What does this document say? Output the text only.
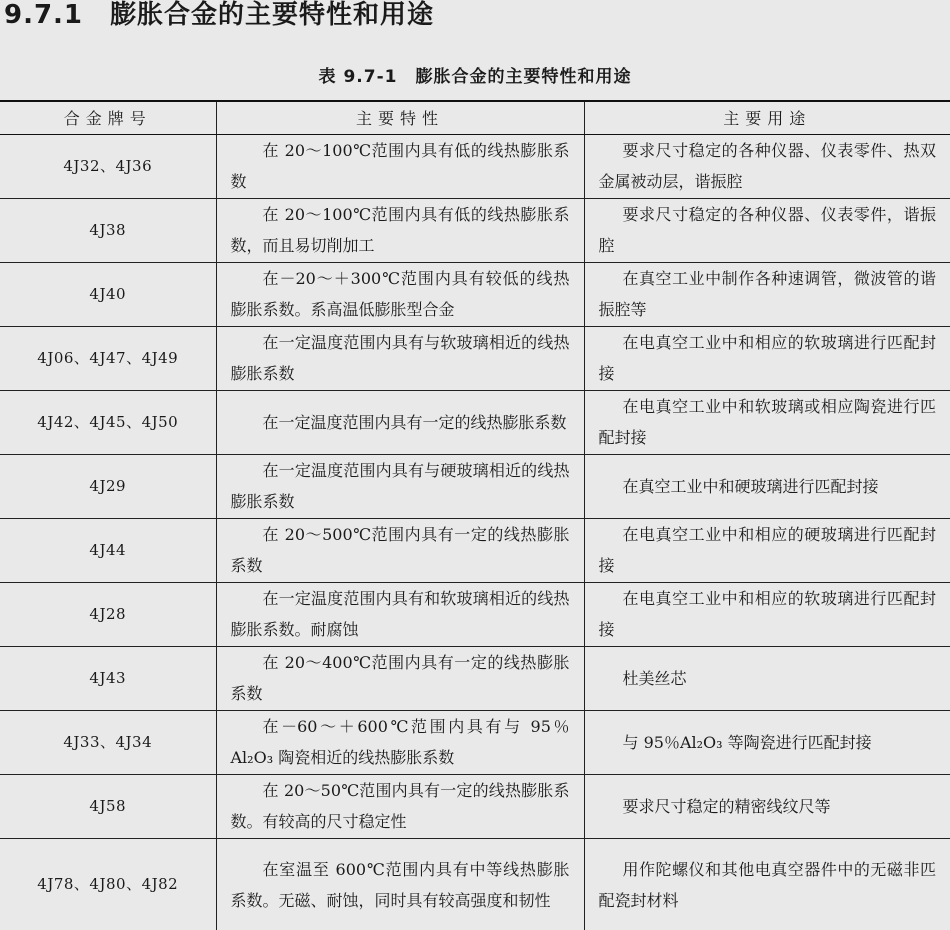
9.7.1　膨胀合金的主要特性和用途
表 9.7-1　膨胀合金的主要特性和用途
合金牌号	主要特性	主要用途
4J32、4J36	在 20～100℃范围内具有低的线热膨胀系数	要求尺寸稳定的各种仪器、仪表零件、热双金属被动层，谐振腔

4J38	在 20～100℃范围内具有低的线热膨胀系数，而且易切削加工	要求尺寸稳定的各种仪器、仪表零件，谐振腔

4J40	在－20～＋300℃范围内具有较低的线热膨胀系数。系高温低膨胀型合金	在真空工业中制作各种速调管，微波管的谐振腔等

4J06、4J47、4J49	在一定温度范围内具有与软玻璃相近的线热膨胀系数	在电真空工业中和相应的软玻璃进行匹配封接

4J42、4J45、4J50	在一定温度范围内具有一定的线热膨胀系数	在电真空工业中和软玻璃或相应陶瓷进行匹配封接

4J29	在一定温度范围内具有与硬玻璃相近的线热膨胀系数	在真空工业中和硬玻璃进行匹配封接

4J44	在 20～500℃范围内具有一定的线热膨胀系数	在电真空工业中和相应的硬玻璃进行匹配封接

4J28	在一定温度范围内具有和软玻璃相近的线热膨胀系数。耐腐蚀	在电真空工业中和相应的软玻璃进行匹配封接

4J43	在 20～400℃范围内具有一定的线热膨胀系数	杜美丝芯

4J33、4J34	在－60～＋600℃范围内具有与 95％ Al₂O₃ 陶瓷相近的线热膨胀系数	与 95％Al₂O₃ 等陶瓷进行匹配封接

4J58	在 20～50℃范围内具有一定的线热膨胀系数。有较高的尺寸稳定性	要求尺寸稳定的精密线纹尺等

4J78、4J80、4J82	在室温至 600℃范围内具有中等线热膨胀系数。无磁、耐蚀，同时具有较高强度和韧性	用作陀螺仪和其他电真空器件中的无磁非匹配瓷封材料
